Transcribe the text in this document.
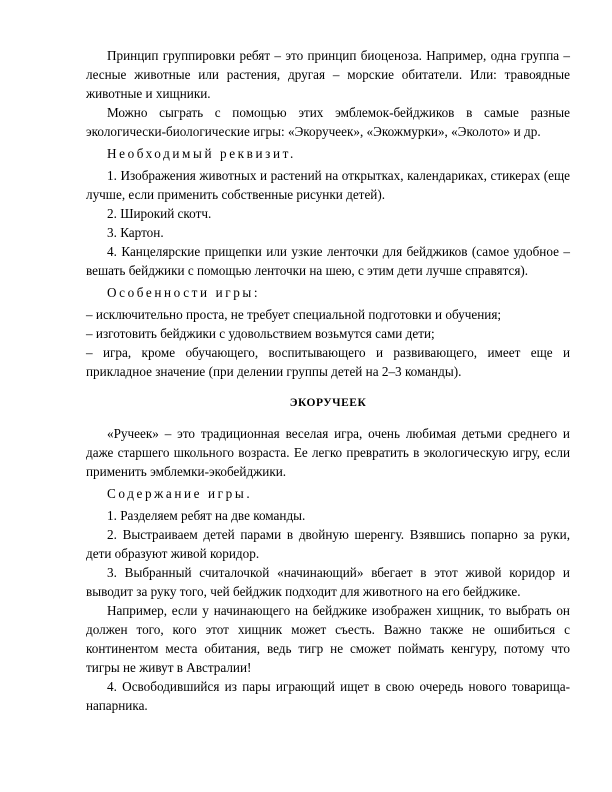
Принцип группировки ребят – это принцип биоценоза. Например, одна группа – лесные животные или растения, другая – морские обитатели. Или: травоядные животные и хищники.

Можно сыграть с помощью этих эмблемок-бейджиков в самые разные экологически-биологические игры: «Экоручеек», «Экожмурки», «Эколото» и др.

Необходимый реквизит.

1. Изображения животных и растений на открытках, календариках, стикерах (еще лучше, если применить собственные рисунки детей).

2. Широкий скотч.

3. Картон.

4. Канцелярские прищепки или узкие ленточки для бейджиков (самое удобное – вешать бейджики с помощью ленточки на шею, с этим дети лучше справятся).

Особенности игры:

– исключительно проста, не требует специальной подготовки и обучения;

– изготовить бейджики с удовольствием возьмутся сами дети;

– игра, кроме обучающего, воспитывающего и развивающего, имеет еще и прикладное значение (при делении группы детей на 2–3 команды).

ЭКОРУЧЕЕК

«Ручеек» – это традиционная веселая игра, очень любимая детьми среднего и даже старшего школьного возраста. Ее легко превратить в экологическую игру, если применить эмблемки-экобейджики.

Содержание игры.

1. Разделяем ребят на две команды.

2. Выстраиваем детей парами в двойную шеренгу. Взявшись попарно за руки, дети образуют живой коридор.

3. Выбранный считалочкой «начинающий» вбегает в этот живой коридор и выводит за руку того, чей бейджик подходит для животного на его бейджике.

Например, если у начинающего на бейджике изображен хищник, то выбрать он должен того, кого этот хищник может съесть. Важно также не ошибиться с континентом места обитания, ведь тигр не сможет поймать кенгуру, потому что тигры не живут в Австралии!

4. Освободившийся из пары играющий ищет в свою очередь нового товарища-напарника.
